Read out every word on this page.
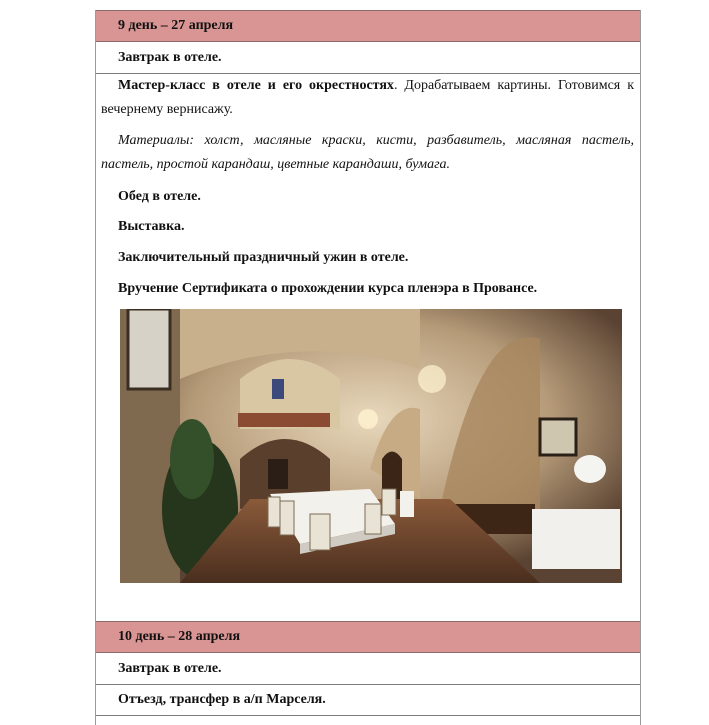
9 день – 27 апреля
Завтрак в отеле.
Мастер-класс в отеле и его окрестностях. Дорабатываем картины. Готовимся к вечернему вернисажу.
Материалы: холст, масляные краски, кисти, разбавитель, масляная пастель, пастель, простой карандаш, цветные карандаши, бумага.
Обед в отеле.
Выставка.
Заключительный праздничный ужин в отеле.
Вручение Сертификата о прохождении курса пленэра в Провансе.
10 день – 28 апреля
Завтрак в отеле.
Отъезд, трансфер в а/п Марселя.
